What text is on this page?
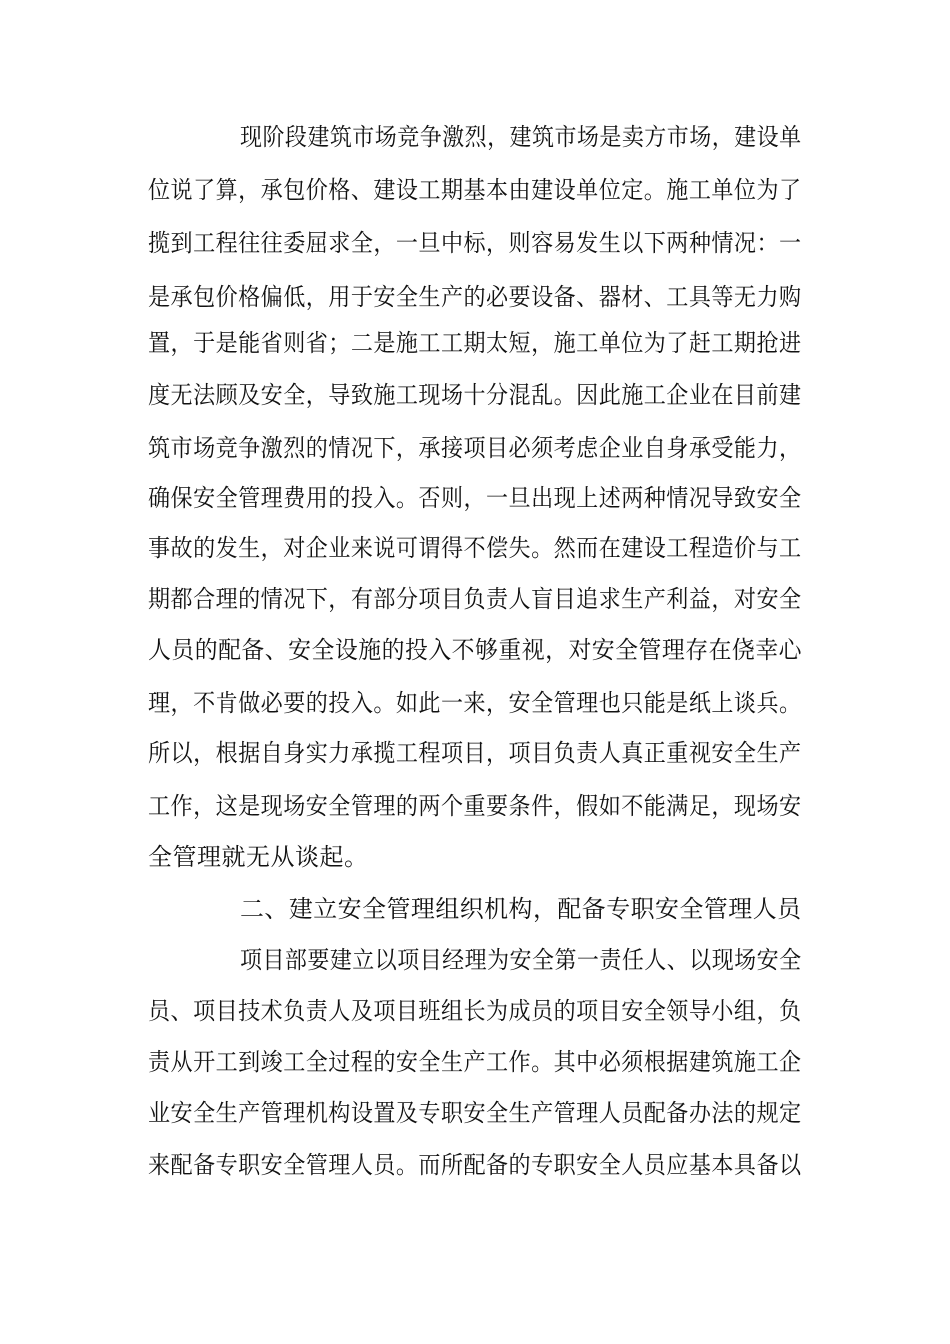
现阶段建筑市场竞争激烈，建筑市场是卖方市场，建设单
位说了算，承包价格、建设工期基本由建设单位定。施工单位为了
揽到工程往往委屈求全，一旦中标，则容易发生以下两种情况：一
是承包价格偏低，用于安全生产的必要设备、器材、工具等无力购
置，于是能省则省；二是施工工期太短，施工单位为了赶工期抢进
度无法顾及安全，导致施工现场十分混乱。因此施工企业在目前建
筑市场竞争激烈的情况下，承接项目必须考虑企业自身承受能力，
确保安全管理费用的投入。否则，一旦出现上述两种情况导致安全
事故的发生，对企业来说可谓得不偿失。然而在建设工程造价与工
期都合理的情况下，有部分项目负责人盲目追求生产利益，对安全
人员的配备、安全设施的投入不够重视，对安全管理存在侥幸心
理，不肯做必要的投入。如此一来，安全管理也只能是纸上谈兵。
所以，根据自身实力承揽工程项目，项目负责人真正重视安全生产
工作，这是现场安全管理的两个重要条件，假如不能满足，现场安
全管理就无从谈起。
二、建立安全管理组织机构，配备专职安全管理人员
项目部要建立以项目经理为安全第一责任人、以现场安全
员、项目技术负责人及项目班组长为成员的项目安全领导小组，负
责从开工到竣工全过程的安全生产工作。其中必须根据建筑施工企
业安全生产管理机构设置及专职安全生产管理人员配备办法的规定
来配备专职安全管理人员。而所配备的专职安全人员应基本具备以
